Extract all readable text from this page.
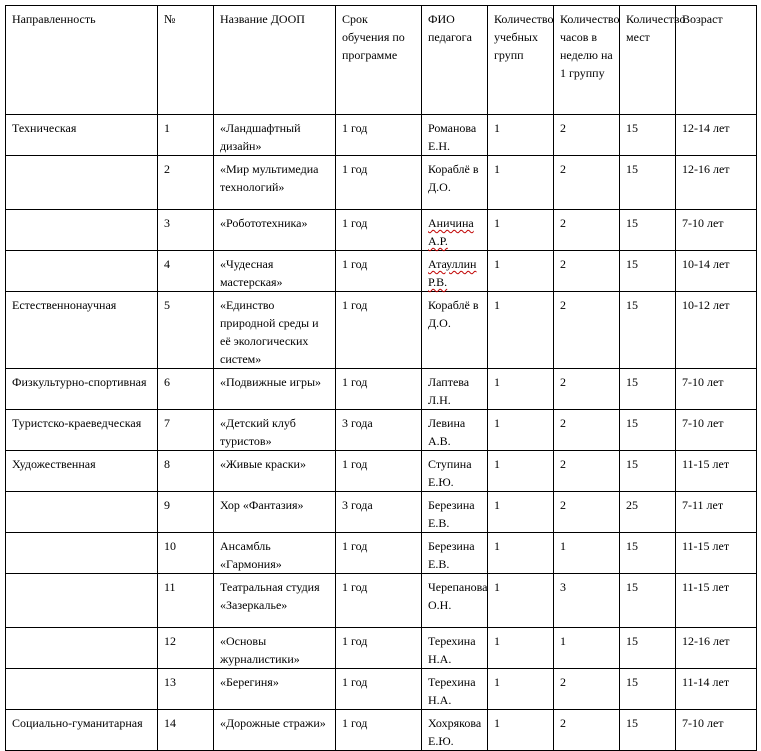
Направленность	№	Название ДООП	Срок обучения по программе	ФИО педагога	Количество учебных групп	Количество часов в неделю на 1 группу	Количество мест	Возраст
Техническая	1	«Ландшафтный дизайн»	1 год	Романова Е.Н.	1	2	15	12-14 лет
	2	«Мир мультимедиа технологий»	1 год	Кораблё в Д.О.	1	2	15	12-16 лет
	3	«Робототехника»	1 год	Аничина А.Р.	1	2	15	7-10 лет
	4	«Чудесная мастерская»	1 год	Атауллин Р.В.	1	2	15	10-14 лет
Естественнонаучная	5	«Единство природной среды и её экологических систем»	1 год	Кораблё в Д.О.	1	2	15	10-12 лет
Физкультурно-спортивная	6	«Подвижные игры»	1 год	Лаптева Л.Н.	1	2	15	7-10 лет
Туристско-краеведческая	7	«Детский клуб туристов»	3 года	Левина А.В.	1	2	15	7-10 лет
Художественная	8	«Живые краски»	1 год	Ступина Е.Ю.	1	2	15	11-15 лет
	9	Хор «Фантазия»	3 года	Березина Е.В.	1	2	25	7-11 лет
	10	Ансамбль «Гармония»	1 год	Березина Е.В.	1	1	15	11-15 лет
	11	Театральная студия «Зазеркалье»	1 год	Черепанова О.Н.	1	3	15	11-15 лет
	12	«Основы журналистики»	1 год	Терехина Н.А.	1	1	15	12-16 лет
	13	«Берегиня»	1 год	Терехина Н.А.	1	2	15	11-14 лет
Социально-гуманитарная	14	«Дорожные стражи»	1 год	Хохрякова Е.Ю.	1	2	15	7-10 лет
